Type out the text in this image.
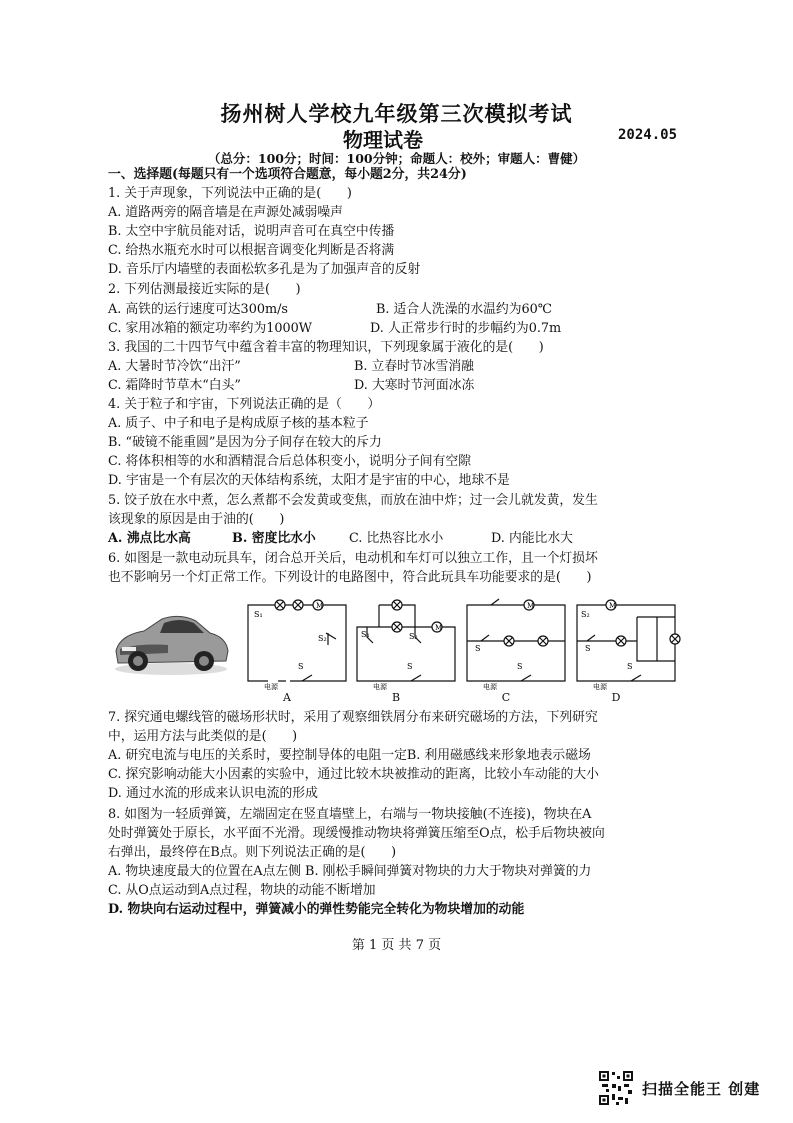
扬州树人学校九年级第三次模拟考试
物理试卷	2024.05
（总分：100分；时间：100分钟；命题人：校外；审题人：曹健）
一、选择题(每题只有一个选项符合题意，每小题2分，共24分)
1. 关于声现象，下列说法中正确的是(　　)
A. 道路两旁的隔音墙是在声源处减弱噪声
B. 太空中宇航员能对话，说明声音可在真空中传播
C. 给热水瓶充水时可以根据音调变化判断是否将满
D. 音乐厅内墙壁的表面松软多孔是为了加强声音的反射
2. 下列估测最接近实际的是(　　)
A. 高铁的运行速度可达300m/s	B. 适合人洗澡的水温约为60℃
C. 家用冰箱的额定功率约为1000W	D. 人正常步行时的步幅约为0.7m
3. 我国的二十四节气中蕴含着丰富的物理知识，下列现象属于液化的是(　　)
A. 大暑时节冷饮“出汗”	B. 立春时节冰雪消融
C. 霜降时节草木“白头”	D. 大寒时节河面冰冻
4. 关于粒子和宇宙，下列说法正确的是（　　）
A. 质子、中子和电子是构成原子核的基本粒子
B. “破镜不能重圆”是因为分子间存在较大的斥力
C. 将体积相等的水和酒精混合后总体积变小，说明分子间有空隙
D. 宇宙是一个有层次的天体结构系统，太阳才是宇宙的中心，地球不是
5. 饺子放在水中煮，怎么煮都不会发黄或变焦，而放在油中炸；过一会儿就发黄，发生
该现象的原因是由于油的(　　)
A. 沸点比水高	B. 密度比水小	C. 比热容比水小	D. 内能比水大
6. 如图是一款电动玩具车，闭合总开关后，电动机和车灯可以独立工作，且一个灯损坏
也不影响另一个灯正常工作。下列设计的电路图中，符合此玩具车功能要求的是(　　)
M
S₁
S₂
S
电源
A
M
S₁	S₂
S
电源
B
M
S
S
电源
C
M
S₂
S
S
电源
D
7. 探究通电螺线管的磁场形状时，采用了观察细铁屑分布来研究磁场的方法，下列研究
中，运用方法与此类似的是(　　)
A. 研究电流与电压的关系时，要控制导体的电阻一定B. 利用磁感线来形象地表示磁场
C. 探究影响动能大小因素的实验中，通过比较木块被推动的距离，比较小车动能的大小
D. 通过水流的形成来认识电流的形成
8. 如图为一轻质弹簧，左端固定在竖直墙壁上，右端与一物块接触(不连接)，物块在A
处时弹簧处于原长，水平面不光滑。现缓慢推动物块将弹簧压缩至O点，松手后物块被向
右弹出，最终停在B点。则下列说法正确的是(　　)
A. 物块速度最大的位置在A点左侧 B. 刚松手瞬间弹簧对物块的力大于物块对弹簧的力
C. 从O点运动到A点过程，物块的动能不断增加
D. 物块向右运动过程中，弹簧减小的弹性势能完全转化为物块增加的动能
第 1 页 共 7 页
扫描全能王 创建
